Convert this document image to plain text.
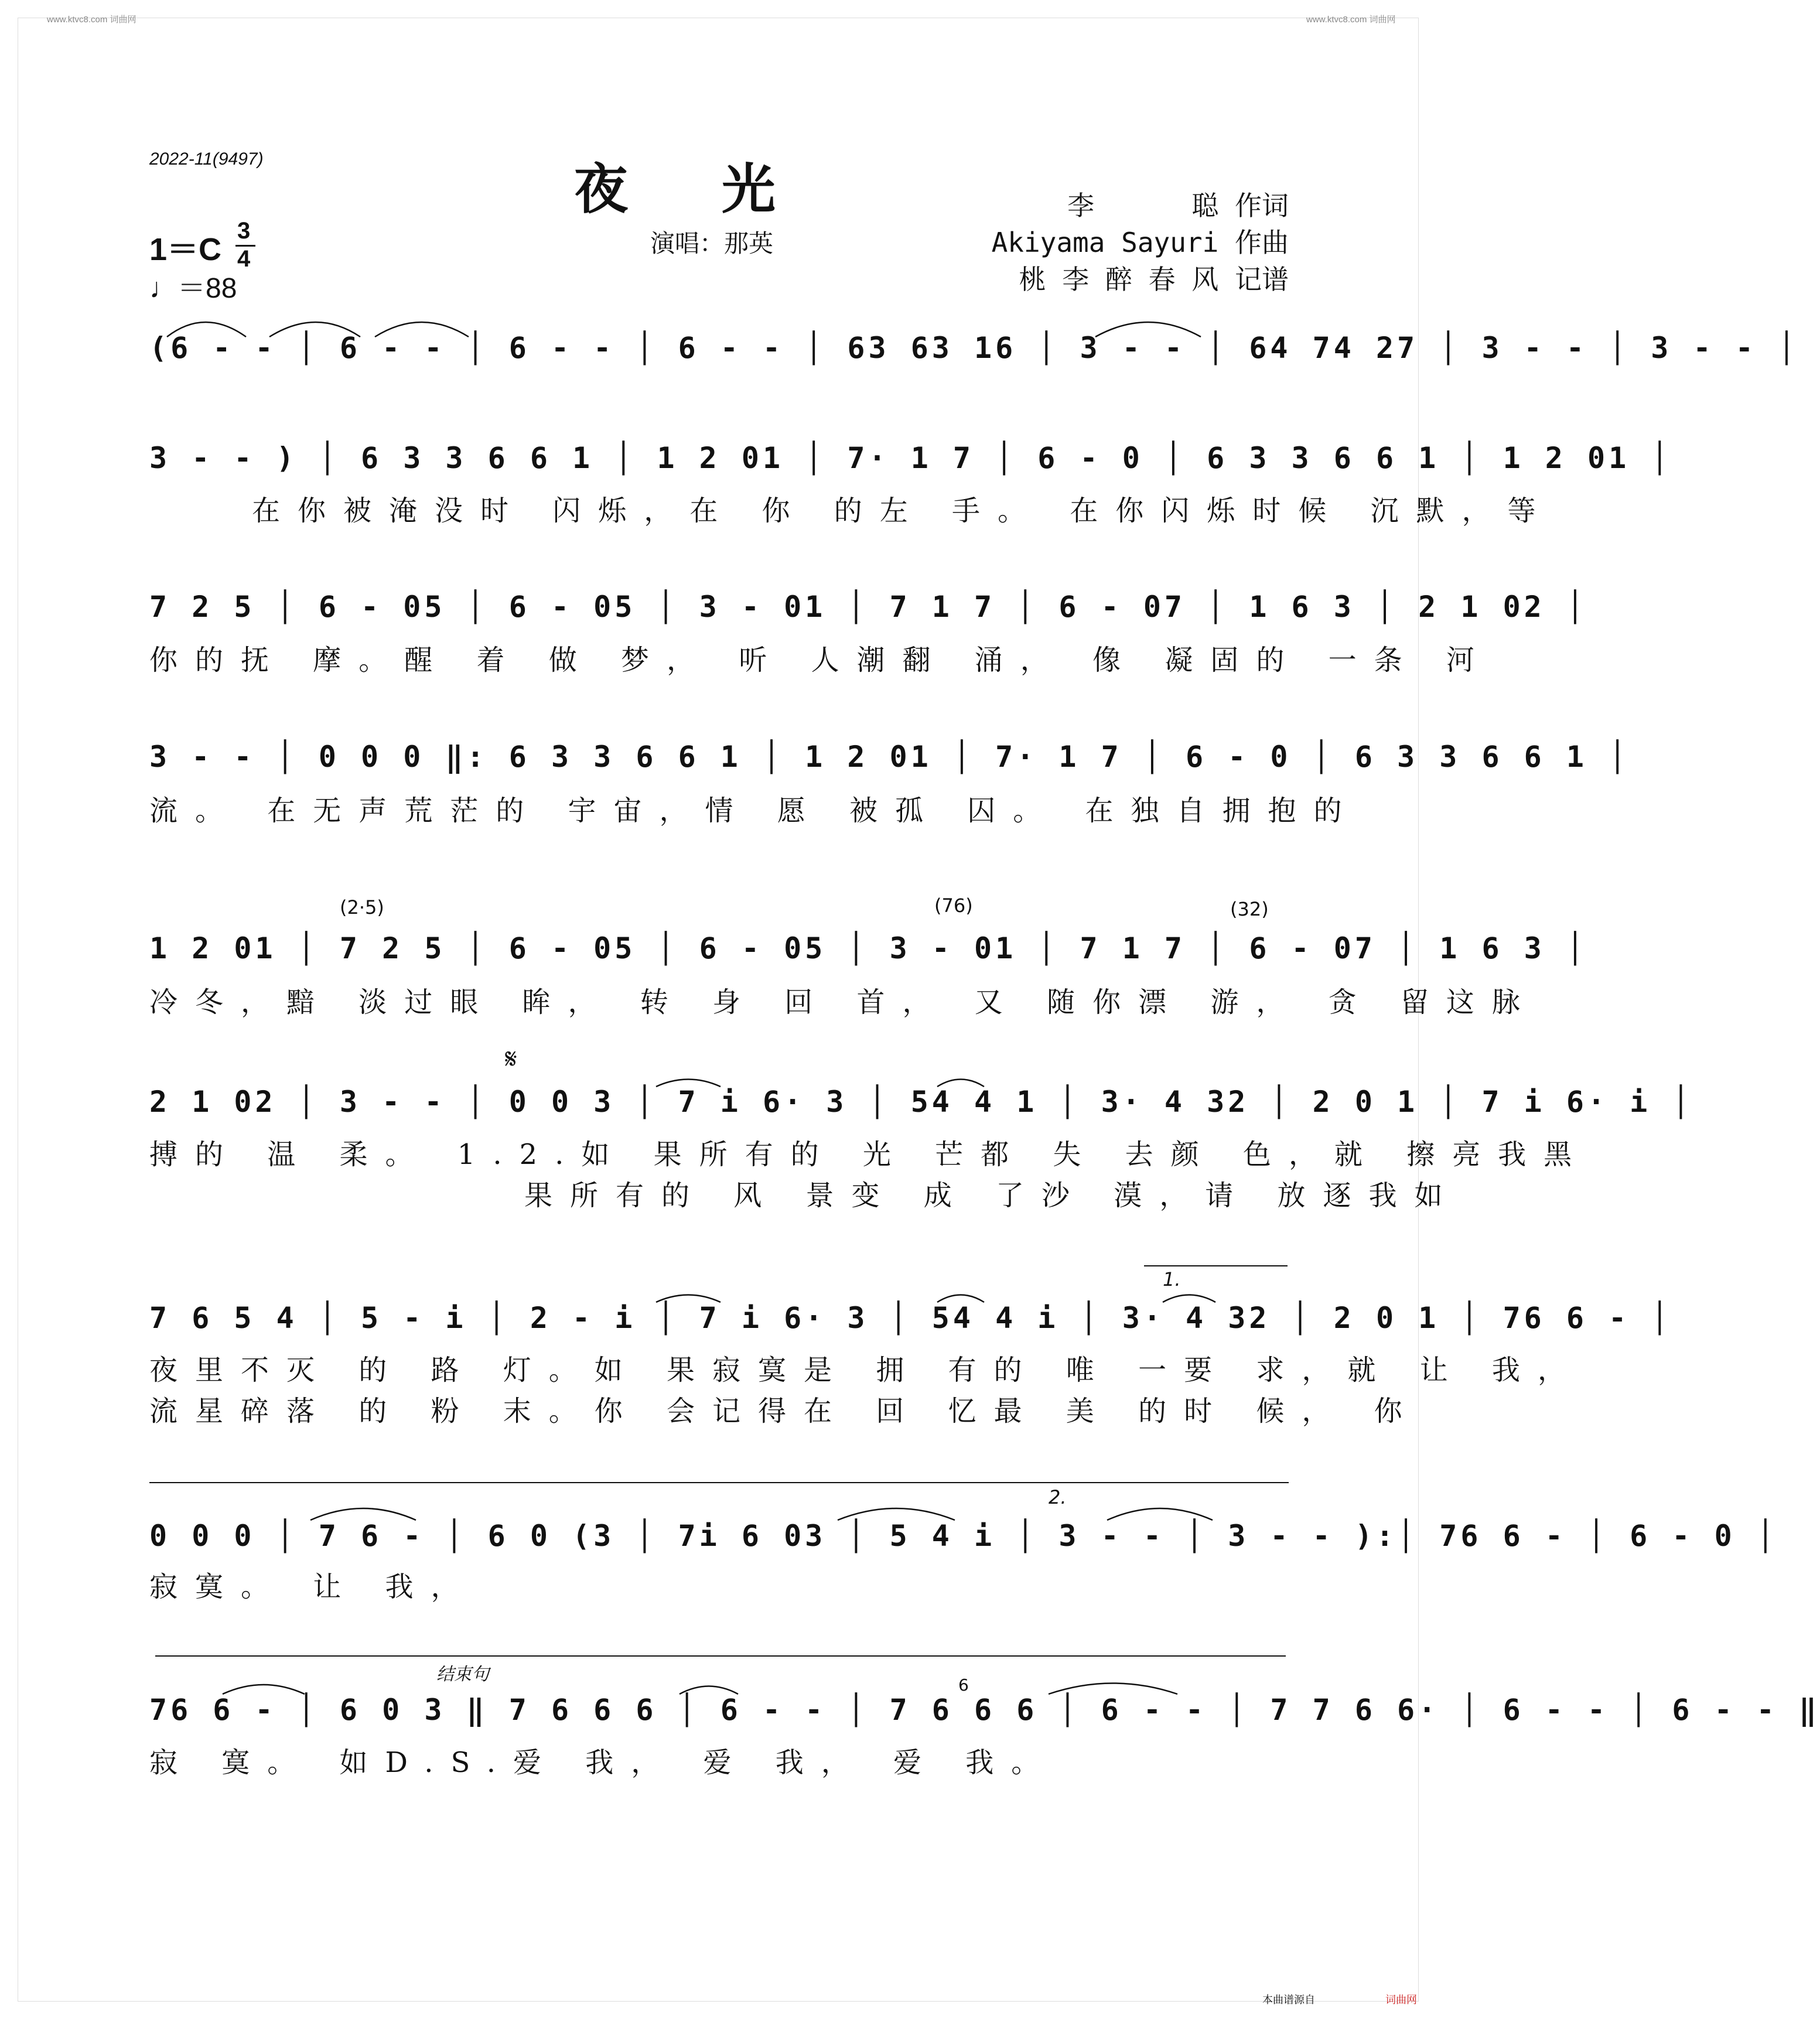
www.ktvc8.com 词曲网	www.ktvc8.com 词曲网
2022-11(9497)	夜光
演唱：那英
李      聪 作词
Akiyama Sayuri 作曲
桃 李 醉 春 风 记谱
1＝C
3
4
♩＝88
(6 - - │ 6 - - │ 6 - - │ 6 - - │ 63 63 16 │ 3 - - │ 64 74 27 │ 3 - - │ 3 - - │
3 - - ) │ 6 3 3 6 6 1 │ 1 2 01 │ 7· 1 7 │ 6 - 0 │ 6 3 3 6 6 1 │ 1 2 01 │
在你被淹没时 闪烁，在 你 的左 手。 在你闪烁时候 沉默，等
7 2 5 │ 6 - 05 │ 6 - 05 │ 3 - 01 │ 7 1 7 │ 6 - 07 │ 1 6 3 │ 2 1 02 │
你的抚 摩。醒 着 做 梦， 听 人潮翻 涌， 像 凝固的 一条 河
3 - - │ 0 0 0 ‖: 6 3 3 6 6 1 │ 1 2 01 │ 7· 1 7 │ 6 - 0 │ 6 3 3 6 6 1 │
流。 在无声荒茫的 宇宙，情 愿 被孤 囚。 在独自拥抱的
(2·5)	(76)	(32)
1 2 01 │ 7 2 5 │ 6 - 05 │ 6 - 05 │ 3 - 01 │ 7 1 7 │ 6 - 07 │ 1 6 3 │
冷冬，黯 淡过眼 眸， 转 身 回 首， 又 随你漂 游， 贪 留这脉
𝄋
2 1 02 │ 3 - - │ 0 0 3 │ 7 i 6· 3 │ 54 4 1 │ 3· 4 32 │ 2 0 1 │ 7 i 6· i │
搏的 温 柔。 1.2.如 果所有的 光 芒都 失 去颜 色，就 擦亮我黑
果所有的 风 景变 成 了沙 漠，请 放逐我如
1.
7 6 5 4 │ 5 - i │ 2 - i │ 7 i 6· 3 │ 54 4 i │ 3· 4 32 │ 2 0 1 │ 76 6 - │
夜里不灭 的 路 灯。如 果寂寞是 拥 有的 唯 一要 求，就 让 我，
流星碎落 的 粉 末。你 会记得在 回 忆最 美 的时 候， 你
2.
0 0 0 │ 7 6 - │ 6 0 (3 │ 7i 6 03 │ 5 4 i │ 3 - - │ 3 - - ):│ 76 6 - │ 6 - 0 │
寂寞。 让 我，
结束句
6
76 6 - │ 6 0 3 ‖ 7 6 6 6 │ 6 - - │ 7 6 6 6 │ 6 - - │ 7 7 6 6· │ 6 - - │ 6 - - ‖
寂 寞。 如D.S.爱 我， 爱 我， 爱 我。
本曲谱源自	词曲网
